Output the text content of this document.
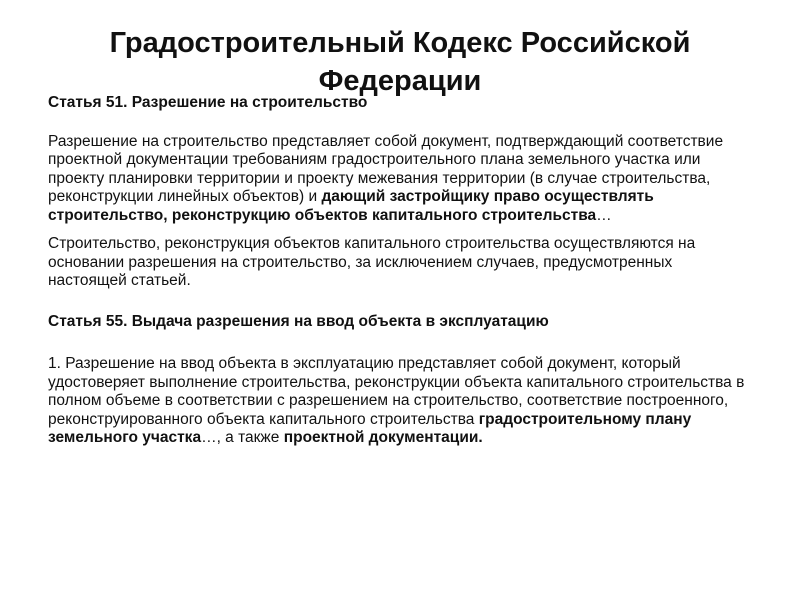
Градостроительный Кодекс Российской Федерации

Статья 51. Разрешение на строительство

Разрешение на строительство представляет собой документ, подтверждающий соответствие проектной документации требованиям градостроительного плана земельного участка или проекту планировки территории и проекту межевания территории (в случае строительства, реконструкции линейных объектов) и дающий застройщику право осуществлять строительство, реконструкцию объектов капитального строительства…

Строительство, реконструкция объектов капитального строительства осуществляются на основании разрешения на строительство, за исключением случаев, предусмотренных настоящей статьей.

Статья 55. Выдача разрешения на ввод объекта в эксплуатацию

1. Разрешение на ввод объекта в эксплуатацию представляет собой документ, который удостоверяет выполнение строительства, реконструкции объекта капитального строительства в полном объеме в соответствии с разрешением на строительство, соответствие построенного, реконструированного объекта капитального строительства градостроительному плану земельного участка…, а также проектной документации.
